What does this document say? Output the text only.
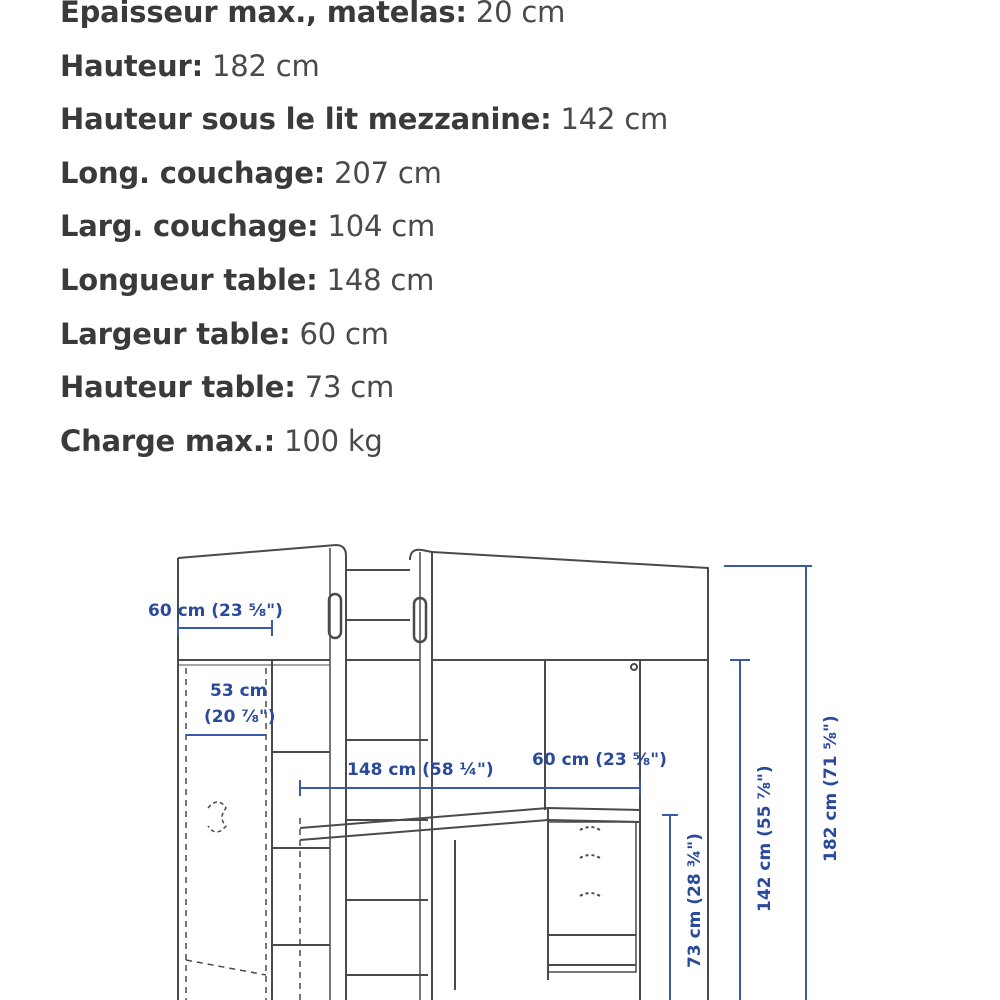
Epaisseur max., matelas: 20 cm
Hauteur: 182 cm
Hauteur sous le lit mezzanine: 142 cm
Long. couchage: 207 cm
Larg. couchage: 104 cm
Longueur table: 148 cm
Largeur table: 60 cm
Hauteur table: 73 cm
Charge max.: 100 kg
60 cm (23 ⅝")
53 cm
(20 ⅞")
148 cm (58 ¼") 60 cm (23 ⅝")
73 cm (28 ¾")	142 cm (55 ⅞")	182 cm (71 ⅝")
